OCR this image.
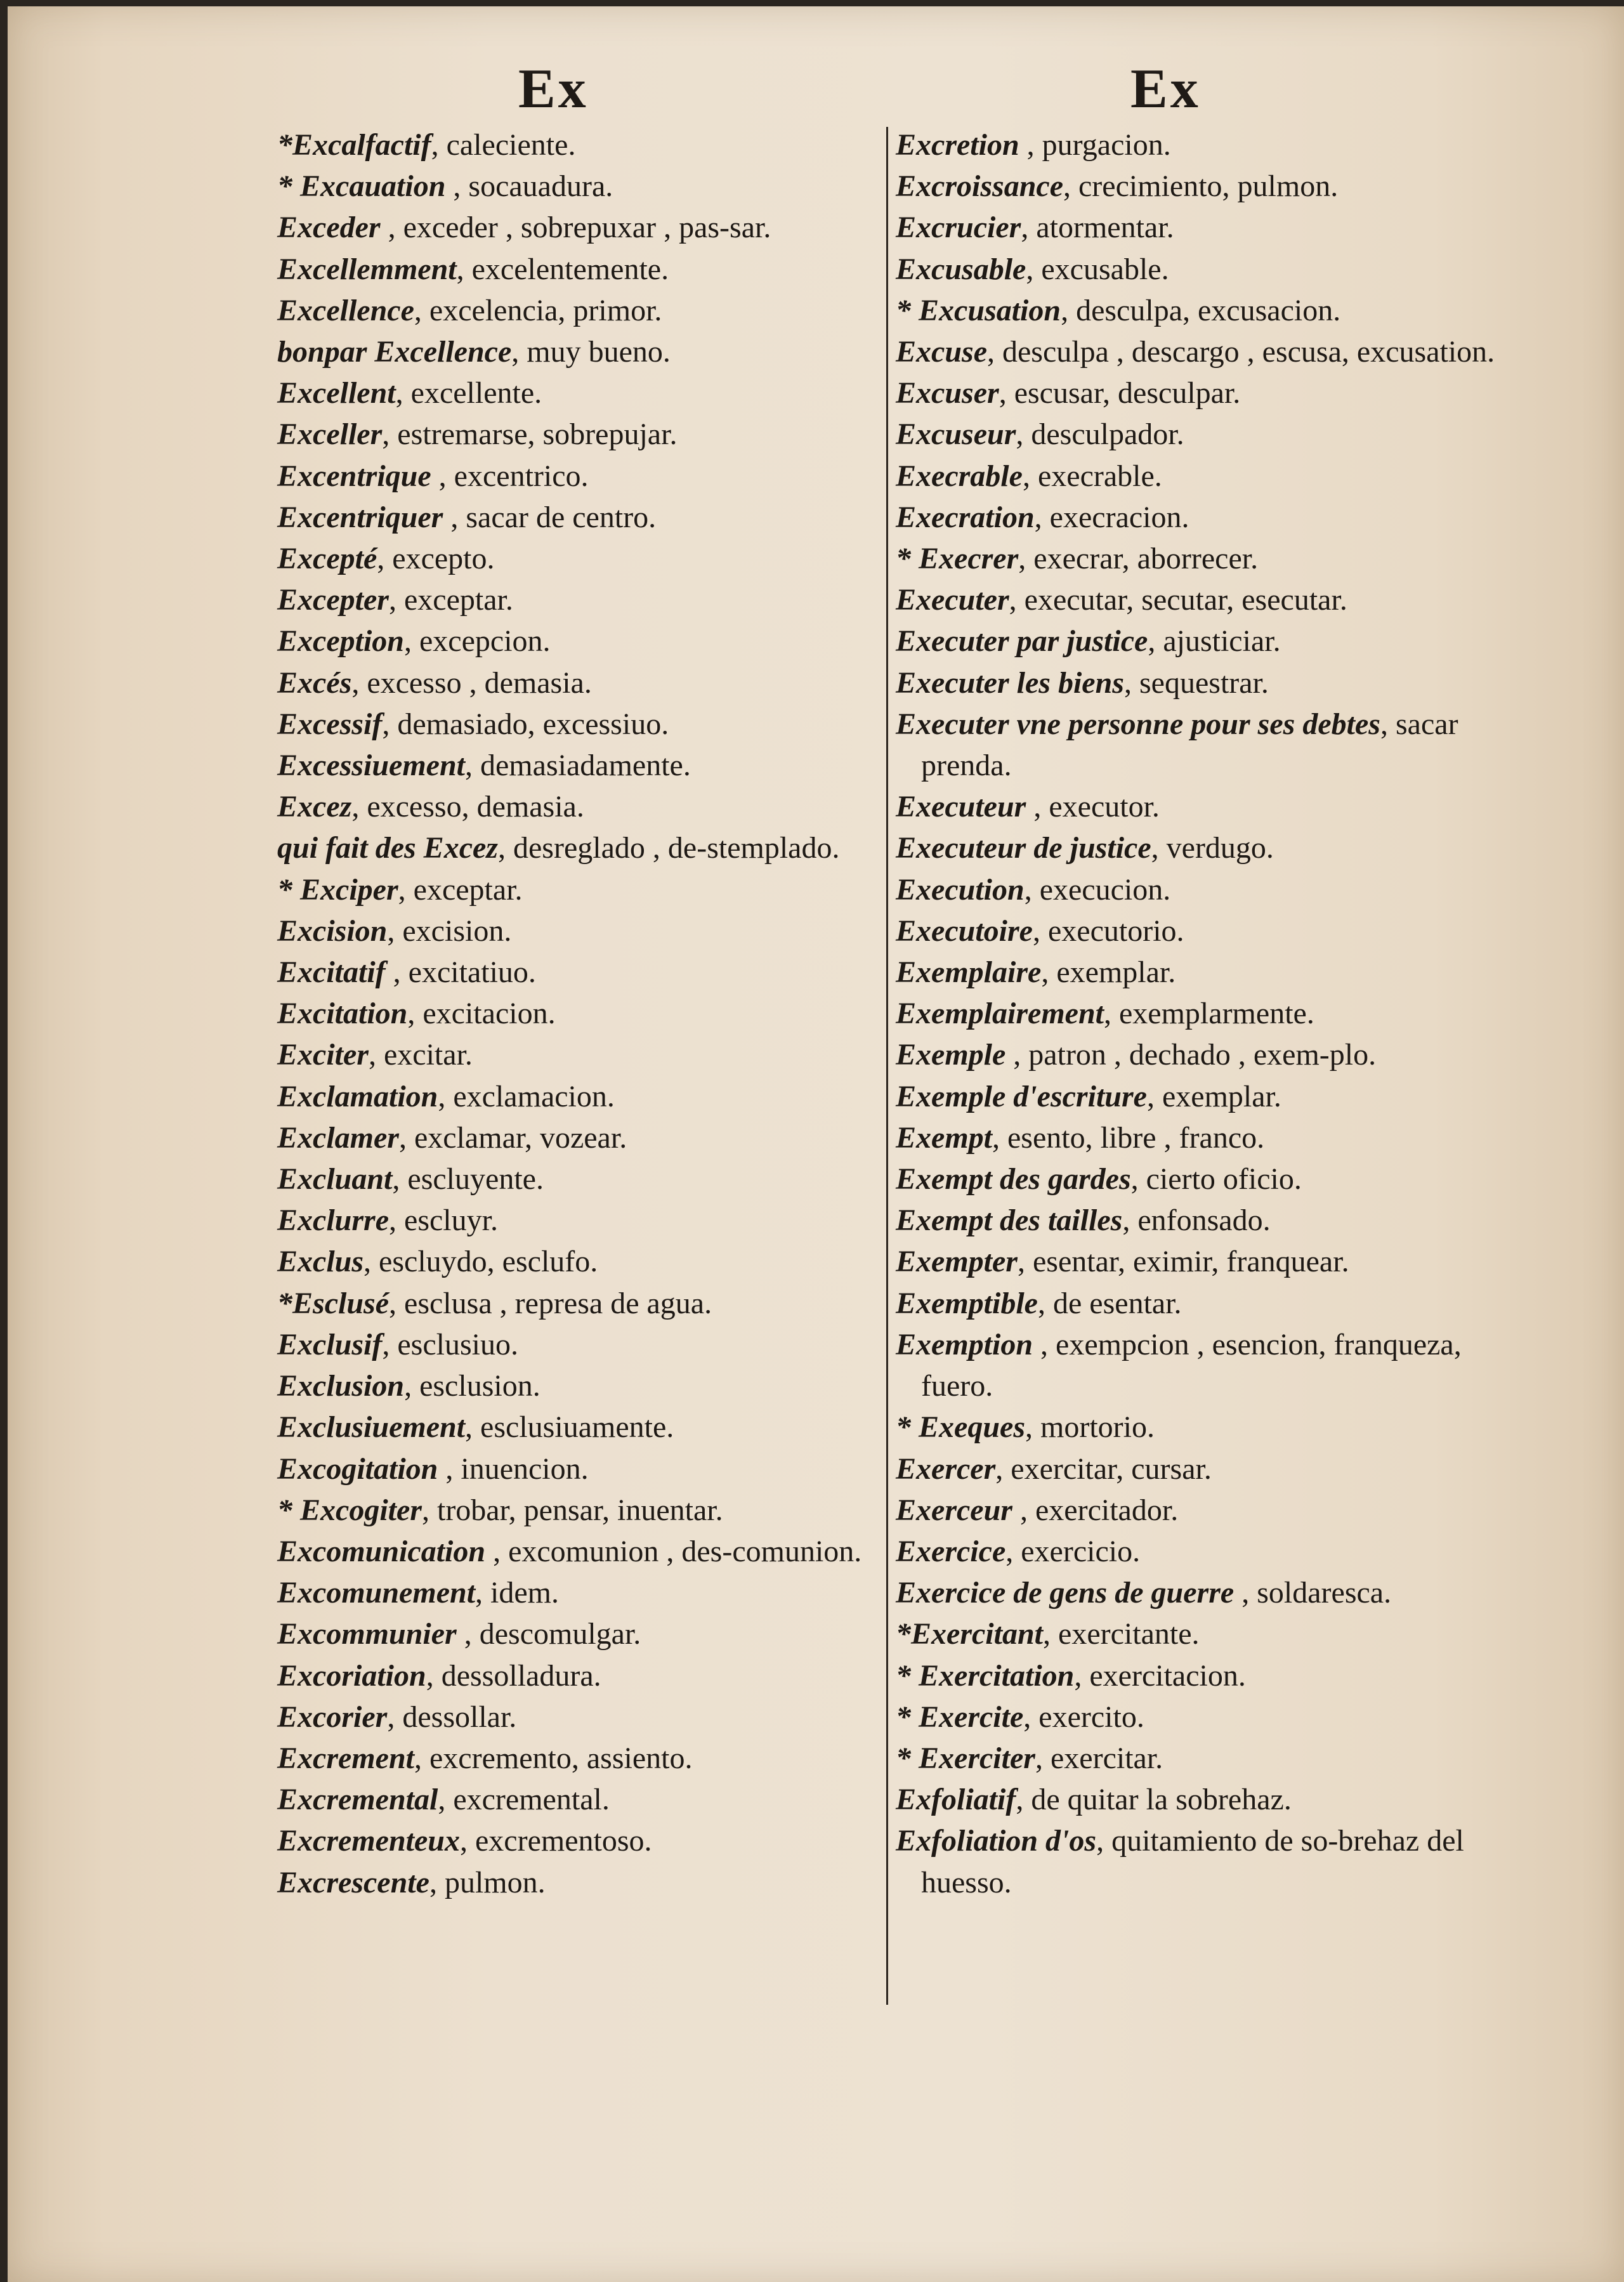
Ex	Ex

*Excalfactif, caleciente.

* Excauation , socauadura.

Exceder , exceder , sobrepuxar , pas-sar.

Excellemment, excelentemente.

Excellence, excelencia, primor.

bonpar Excellence, muy bueno.

Excellent, excellente.

Exceller, estremarse, sobrepujar.

Excentrique , excentrico.

Excentriquer , sacar de centro.

Excepté, excepto.

Excepter, exceptar.

Exception, excepcion.

Excés, excesso , demasia.

Excessif, demasiado, excessiuo.

Excessiuement, demasiadamente.

Excez, excesso, demasia.

qui fait des Excez, desreglado , de-stemplado.

* Exciper, exceptar.

Excision, excision.

Excitatif , excitatiuo.

Excitation, excitacion.

Exciter, excitar.

Exclamation, exclamacion.

Exclamer, exclamar, vozear.

Excluant, escluyente.

Exclurre, escluyr.

Exclus, escluydo, esclufo.

*Esclusé, esclusa , represa de agua.

Exclusif, esclusiuo.

Exclusion, esclusion.

Exclusiuement, esclusiuamente.

Excogitation , inuencion.

* Excogiter, trobar, pensar, inuentar.

Excomunication , excomunion , des-comunion.

Excomunement, idem.

Excommunier , descomulgar.

Excoriation, dessolladura.

Excorier, dessollar.

Excrement, excremento, assiento.

Excremental, excremental.

Excrementeux, excrementoso.

Excrescente, pulmon.

Excretion , purgacion.

Excroissance, crecimiento, pulmon.

Excrucier, atormentar.

Excusable, excusable.

* Excusation, desculpa, excusacion.

Excuse, desculpa , descargo , escusa, excusation.

Excuser, escusar, desculpar.

Excuseur, desculpador.

Execrable, execrable.

Execration, execracion.

* Execrer, execrar, aborrecer.

Executer, executar, secutar, esecutar.

Executer par justice, ajusticiar.

Executer les biens, sequestrar.

Executer vne personne pour ses debtes, sacar prenda.

Executeur , executor.

Executeur de justice, verdugo.

Execution, execucion.

Executoire, executorio.

Exemplaire, exemplar.

Exemplairement, exemplarmente.

Exemple , patron , dechado , exem-plo.

Exemple d'escriture, exemplar.

Exempt, esento, libre , franco.

Exempt des gardes, cierto oficio.

Exempt des tailles, enfonsado.

Exempter, esentar, eximir, franquear.

Exemptible, de esentar.

Exemption , exempcion , esencion, franqueza, fuero.

* Exeques, mortorio.

Exercer, exercitar, cursar.

Exerceur , exercitador.

Exercice, exercicio.

Exercice de gens de guerre , soldaresca.

*Exercitant, exercitante.

* Exercitation, exercitacion.

* Exercite, exercito.

* Exerciter, exercitar.

Exfoliatif, de quitar la sobrehaz.

Exfoliation d'os, quitamiento de so-brehaz del huesso.
